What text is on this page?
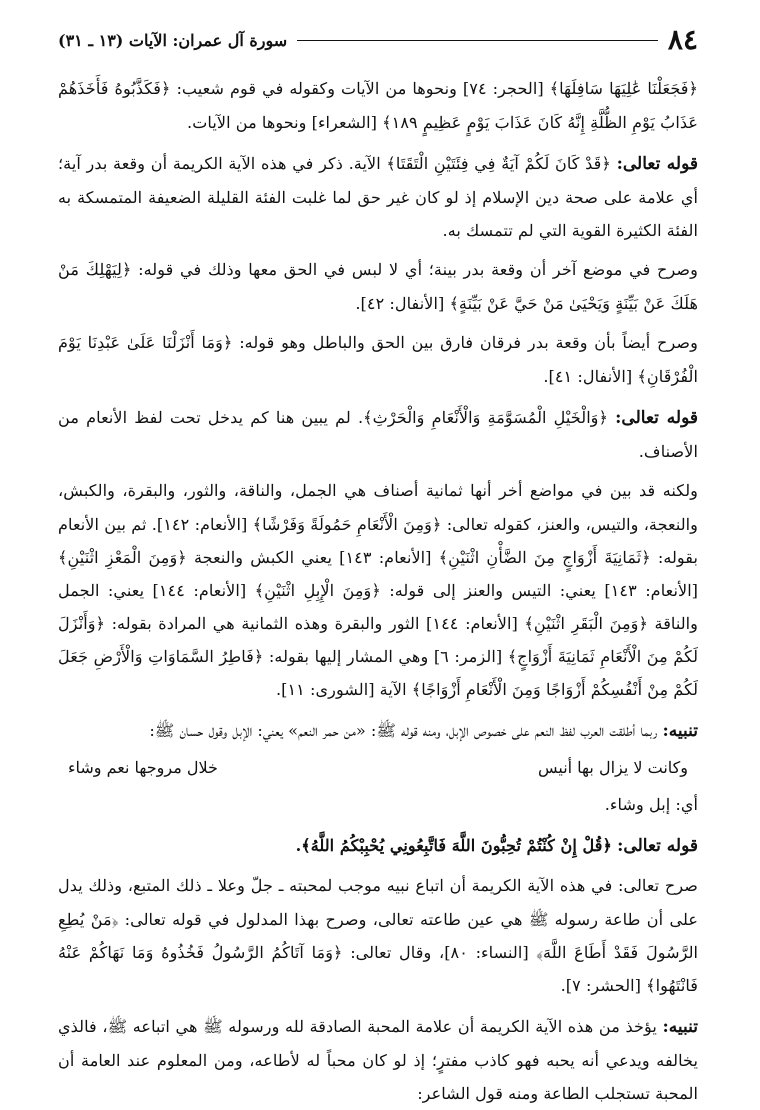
٨٤
سورة آل عمران: الآيات (١٣ ـ ٣١)

﴿فَجَعَلْنَا عَٰلِيَهَا سَافِلَهَا﴾ [الحجر: ٧٤] ونحوها من الآيات وكقوله في قوم شعيب: ﴿فَكَذَّبُوهُ فَأَخَذَهُمْ عَذَابُ يَوْمِ الظُّلَّةِ إِنَّهُ كَانَ عَذَابَ يَوْمٍ عَظِيمٍ ١٨٩﴾ [الشعراء] ونحوها من الآيات.

قوله تعالى: ﴿قَدْ كَانَ لَكُمْ آيَةٌ فِي فِئَتَيْنِ الْتَقَتَا﴾ الآية. ذكر في هذه الآية الكريمة أن وقعة بدر آية؛ أي علامة على صحة دين الإسلام إذ لو كان غير حق لما غلبت الفئة القليلة الضعيفة المتمسكة به الفئة الكثيرة القوية التي لم تتمسك به.

وصرح في موضع آخر أن وقعة بدر بينة؛ أي لا لبس في الحق معها وذلك في قوله: ﴿لِيَهْلِكَ مَنْ هَلَكَ عَنْ بَيِّنَةٍ وَيَحْيَىٰ مَنْ حَيَّ عَنْ بَيِّنَةٍ﴾ [الأنفال: ٤٢].

وصرح أيضاً بأن وقعة بدر فرقان فارق بين الحق والباطل وهو قوله: ﴿وَمَا أَنْزَلْنَا عَلَىٰ عَبْدِنَا يَوْمَ الْفُرْقَانِ﴾ [الأنفال: ٤١].

قوله تعالى: ﴿وَالْخَيْلِ الْمُسَوَّمَةِ وَالْأَنْعَامِ وَالْحَرْثِ﴾. لم يبين هنا كم يدخل تحت لفظ الأنعام من الأصناف.

ولكنه قد بين في مواضع أخر أنها ثمانية أصناف هي الجمل، والناقة، والثور، والبقرة، والكبش، والنعجة، والتيس، والعنز، كقوله تعالى: ﴿وَمِنَ الْأَنْعَامِ حَمُولَةً وَفَرْشًا﴾ [الأنعام: ١٤٢]. ثم بين الأنعام بقوله: ﴿ثَمَانِيَةَ أَزْوَاجٍ مِنَ الضَّأْنِ اثْنَيْنِ﴾ [الأنعام: ١٤٣] يعني الكبش والنعجة ﴿وَمِنَ الْمَعْزِ اثْنَيْنِ﴾ [الأنعام: ١٤٣] يعني: التيس والعنز إلى قوله: ﴿وَمِنَ الْإِبِلِ اثْنَيْنِ﴾ [الأنعام: ١٤٤] يعني: الجمل والناقة ﴿وَمِنَ الْبَقَرِ اثْنَيْنِ﴾ [الأنعام: ١٤٤] الثور والبقرة وهذه الثمانية هي المرادة بقوله: ﴿وَأَنْزَلَ لَكُمْ مِنَ الْأَنْعَامِ ثَمَانِيَةَ أَزْوَاجٍ﴾ [الزمر: ٦] وهي المشار إليها بقوله: ﴿فَاطِرُ السَّمَاوَاتِ وَالْأَرْضِ جَعَلَ لَكُمْ مِنْ أَنْفُسِكُمْ أَزْوَاجًا وَمِنَ الْأَنْعَامِ أَزْوَاجًا﴾ الآية [الشورى: ١١].

تنبيه: ربما أطلقت العرب لفظ النعم على خصوص الإبل، ومنه قوله ﷺ: «من حمر النعم» يعني: الإبل وقول حسان ﷺ:

وكانت لا يزال بها أنيس
خلال مروجها نعم وشاء

أي: إبل وشاء.

قوله تعالى: ﴿قُلْ إِنْ كُنْتُمْ تُحِبُّونَ اللَّهَ فَاتَّبِعُونِي يُحْبِبْكُمُ اللَّهُ﴾.

صرح تعالى: في هذه الآية الكريمة أن اتباع نبيه موجب لمحبته ـ جلّ وعلا ـ ذلك المتبع، وذلك يدل على أن طاعة رسوله ﷺ هي عين طاعته تعالى، وصرح بهذا المدلول في قوله تعالى: ﴿مَنْ يُطِعِ الرَّسُولَ فَقَدْ أَطَاعَ اللَّهَ﴾ [النساء: ٨٠]، وقال تعالى: ﴿وَمَا آتَاكُمُ الرَّسُولُ فَخُذُوهُ وَمَا نَهَاكُمْ عَنْهُ فَانْتَهُوا﴾ [الحشر: ٧].

تنبيه: يؤخذ من هذه الآية الكريمة أن علامة المحبة الصادقة لله ورسوله ﷺ هي اتباعه ﷺ، فالذي يخالفه ويدعي أنه يحبه فهو كاذب مفترٍ؛ إذ لو كان محباً له لأطاعه، ومن المعلوم عند العامة أن المحبة تستجلب الطاعة ومنه قول الشاعر:
